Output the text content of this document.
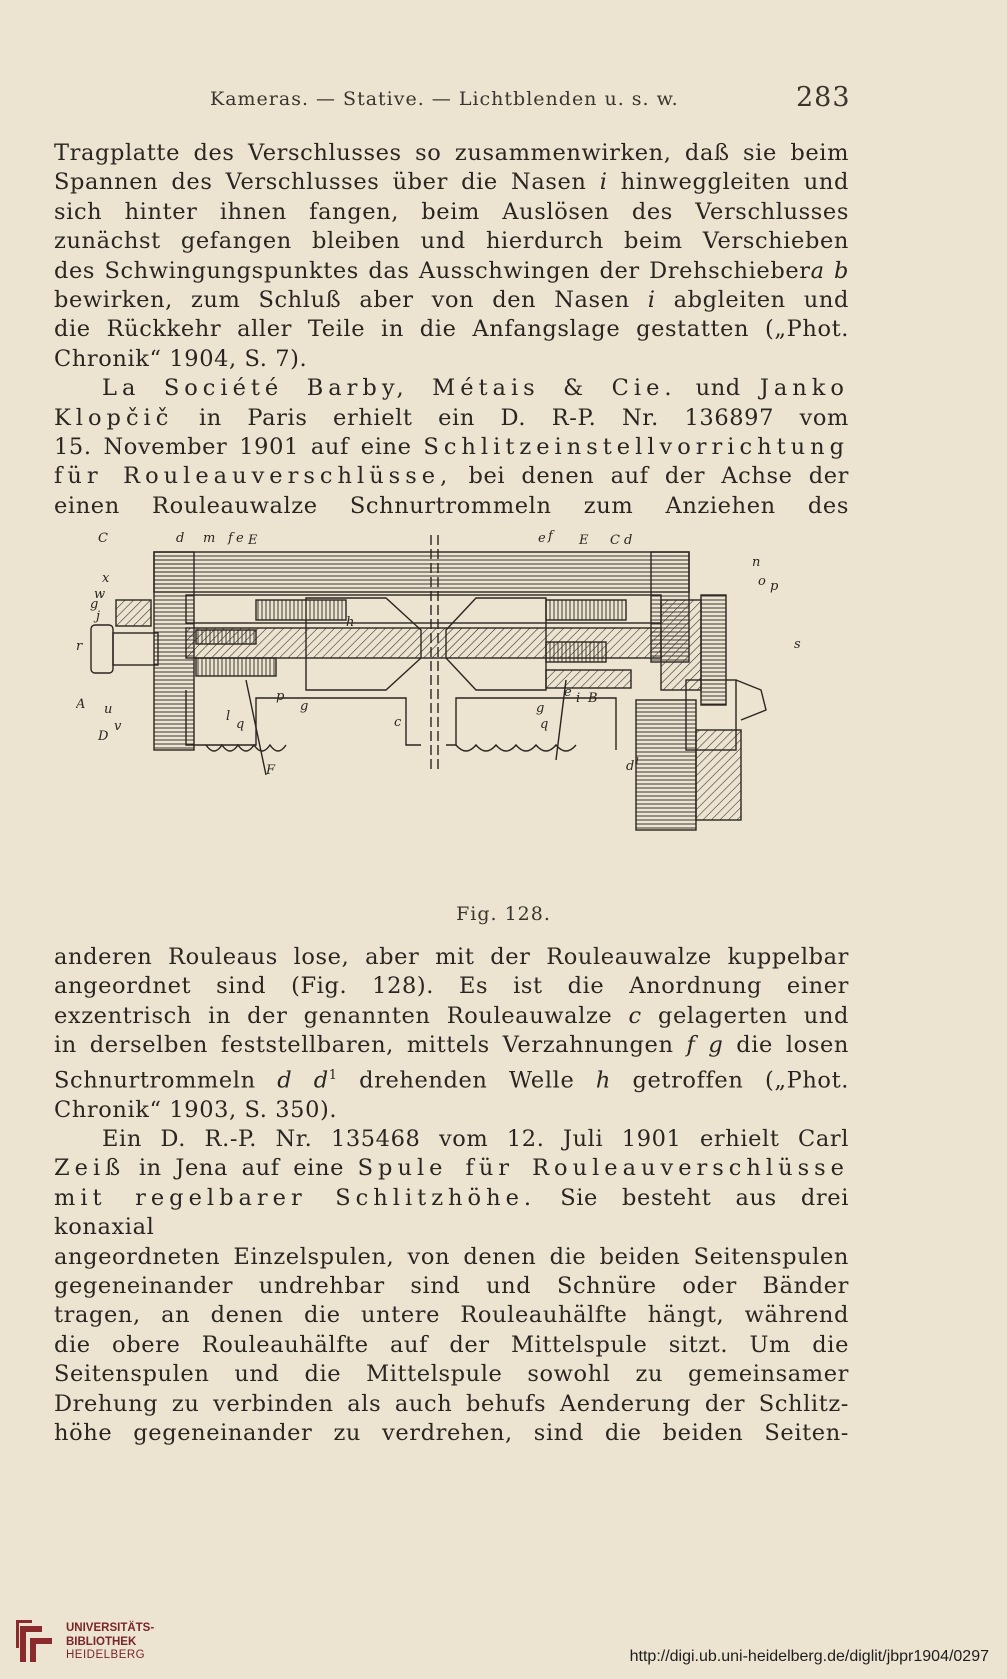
Kameras. — Stative. — Lichtblenden u. s. w.	283

Tragplatte des Verschlusses so zusammenwirken, daß sie beim

Spannen des Verschlusses über die Nasen i hinweggleiten und

sich hinter ihnen fangen, beim Auslösen des Verschlusses

zunächst gefangen bleiben und hierdurch beim Verschieben

des Schwingungspunktes das Ausschwingen der Drehschiebera b

bewirken, zum Schluß aber von den Nasen i abgleiten und

die Rückkehr aller Teile in die Anfangslage gestatten („Phot.

Chronik“ 1904, S. 7).

La Société Barby, Métais & Cie. und Janko

Klopčič in Paris erhielt ein D. R-P. Nr. 136897 vom

15. November 1901 auf eine Schlitzeinstellvorrichtung

für Rouleauverschlüsse, bei denen auf der Achse der

einen Rouleauwalze Schnurtrommeln zum Anziehen des

d m f e E	e f E C d
C
x
w
g
j
r
A u
D
v
l
q
p
g
c
h
F
n
o p
s
g
e i B
q
$d^1$
Fig. 128.

anderen Rouleaus lose, aber mit der Rouleauwalze kuppelbar

angeordnet sind (Fig. 128). Es ist die Anordnung einer

exzentrisch in der genannten Rouleauwalze c gelagerten und

in derselben feststellbaren, mittels Verzahnungen f g die losen

Schnurtrommeln d $d^1$ drehenden Welle h getroffen („Phot.

Chronik“ 1903, S. 350).

Ein D. R.-P. Nr. 135468 vom 12. Juli 1901 erhielt Carl

Zeiß in Jena auf eine Spule für Rouleauverschlüsse

mit regelbarer Schlitzhöhe. Sie besteht aus drei konaxial

angeordneten Einzelspulen, von denen die beiden Seitenspulen

gegeneinander undrehbar sind und Schnüre oder Bänder

tragen, an denen die untere Rouleauhälfte hängt, während

die obere Rouleauhälfte auf der Mittelspule sitzt. Um die

Seitenspulen und die Mittelspule sowohl zu gemeinsamer

Drehung zu verbinden als auch behufs Aenderung der Schlitz-

höhe gegeneinander zu verdrehen, sind die beiden Seiten-

UNIVERSITÄTS-
BIBLIOTHEK
HEIDELBERG	http://digi.ub.uni-heidelberg.de/diglit/jbpr1904/0297
